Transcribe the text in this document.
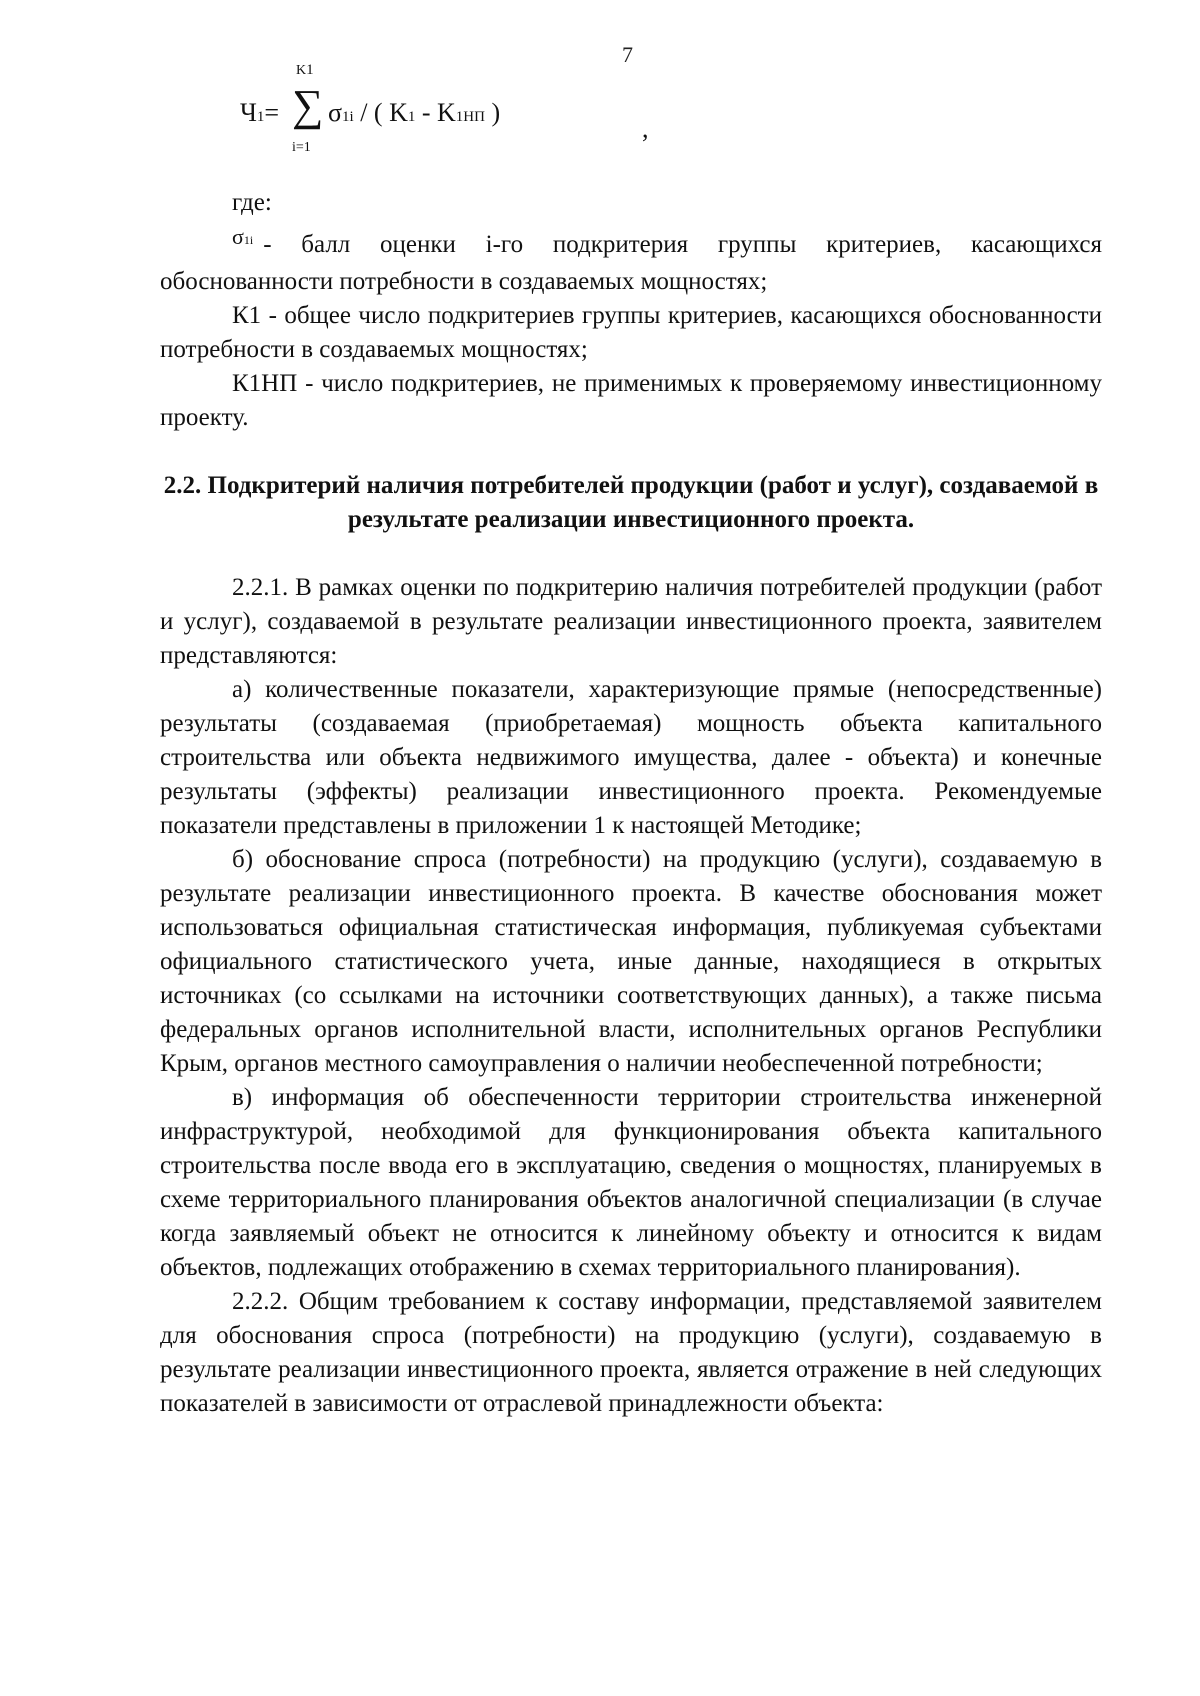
7
Ч1=
K1
∑
i=1
σ1i / ( K1 - K1НП )
,

где:

σ1i - балл оценки i-го подкритерия группы критериев, касающихся обоснованности потребности в создаваемых мощностях;

К1 - общее число подкритериев группы критериев, касающихся обоснованности потребности в создаваемых мощностях;

К1НП - число подкритериев, не применимых к проверяемому инвестиционному проекту.

2.2. Подкритерий наличия потребителей продукции (работ и услуг), создаваемой в результате реализации инвестиционного проекта.

2.2.1. В рамках оценки по подкритерию наличия потребителей продукции (работ и услуг), создаваемой в результате реализации инвестиционного проекта, заявителем представляются:

а) количественные показатели, характеризующие прямые (непосредственные) результаты (создаваемая (приобретаемая) мощность объекта капитального строительства или объекта недвижимого имущества, далее - объекта) и конечные результаты (эффекты) реализации инвестиционного проекта. Рекомендуемые показатели представлены в приложении 1 к настоящей Методике;

б) обоснование спроса (потребности) на продукцию (услуги), создаваемую в результате реализации инвестиционного проекта. В качестве обоснования может использоваться официальная статистическая информация, публикуемая субъектами официального статистического учета, иные данные, находящиеся в открытых источниках (со ссылками на источники соответствующих данных), а также письма федеральных органов исполнительной власти, исполнительных органов Республики Крым, органов местного самоуправления о наличии необеспеченной потребности;

в) информация об обеспеченности территории строительства инженерной инфраструктурой, необходимой для функционирования объекта капитального строительства после ввода его в эксплуатацию, сведения о мощностях, планируемых в схеме территориального планирования объектов аналогичной специализации (в случае когда заявляемый объект не относится к линейному объекту и относится к видам объектов, подлежащих отображению в схемах территориального планирования).

2.2.2. Общим требованием к составу информации, представляемой заявителем для обоснования спроса (потребности) на продукцию (услуги), создаваемую в результате реализации инвестиционного проекта, является отражение в ней следующих показателей в зависимости от отраслевой принадлежности объекта:
